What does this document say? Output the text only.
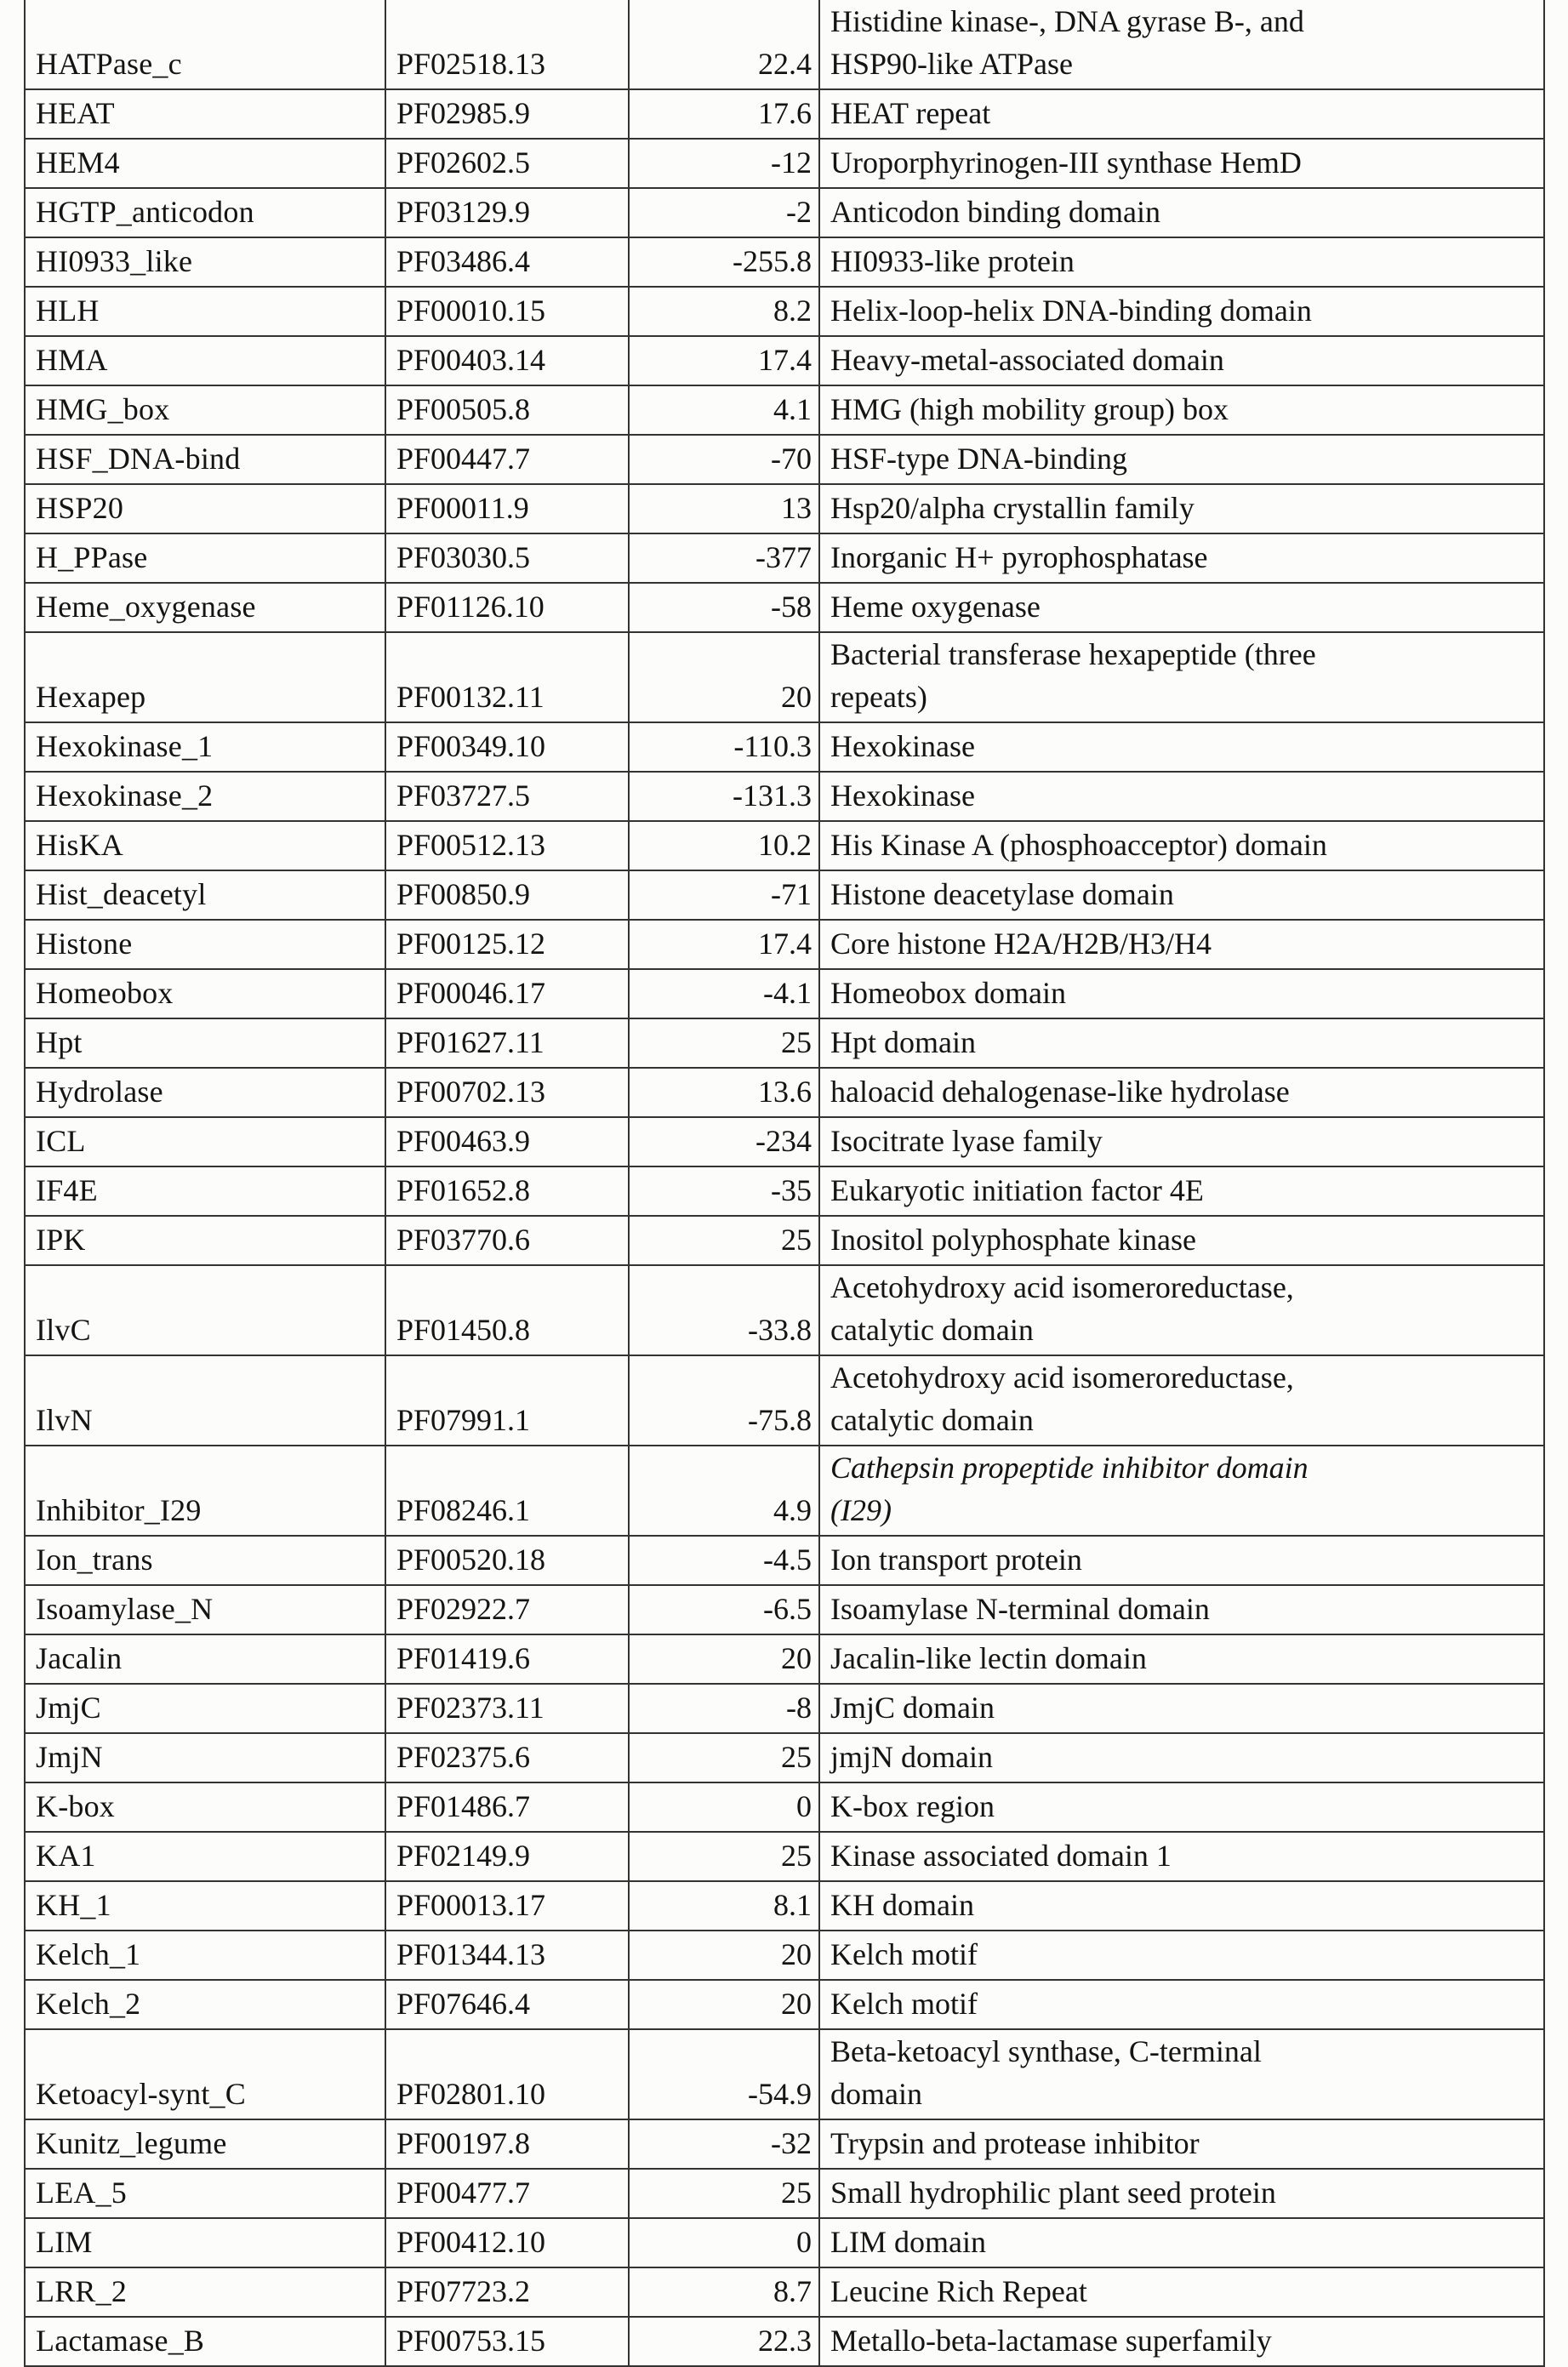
HATPase_c	PF02518.13	22.4	Histidine kinase-, DNA gyrase B-, and
HSP90-like ATPase
HEAT	PF02985.9	17.6	HEAT repeat
HEM4	PF02602.5	-12	Uroporphyrinogen-III synthase HemD
HGTP_anticodon	PF03129.9	-2	Anticodon binding domain
HI0933_like	PF03486.4	-255.8	HI0933-like protein
HLH	PF00010.15	8.2	Helix-loop-helix DNA-binding domain
HMA	PF00403.14	17.4	Heavy-metal-associated domain
HMG_box	PF00505.8	4.1	HMG (high mobility group) box
HSF_DNA-bind	PF00447.7	-70	HSF-type DNA-binding
HSP20	PF00011.9	13	Hsp20/alpha crystallin family
H_PPase	PF03030.5	-377	Inorganic H+ pyrophosphatase
Heme_oxygenase	PF01126.10	-58	Heme oxygenase
Hexapep	PF00132.11	20	Bacterial transferase hexapeptide (three
repeats)
Hexokinase_1	PF00349.10	-110.3	Hexokinase
Hexokinase_2	PF03727.5	-131.3	Hexokinase
HisKA	PF00512.13	10.2	His Kinase A (phosphoacceptor) domain
Hist_deacetyl	PF00850.9	-71	Histone deacetylase domain
Histone	PF00125.12	17.4	Core histone H2A/H2B/H3/H4
Homeobox	PF00046.17	-4.1	Homeobox domain
Hpt	PF01627.11	25	Hpt domain
Hydrolase	PF00702.13	13.6	haloacid dehalogenase-like hydrolase
ICL	PF00463.9	-234	Isocitrate lyase family
IF4E	PF01652.8	-35	Eukaryotic initiation factor 4E
IPK	PF03770.6	25	Inositol polyphosphate kinase
IlvC	PF01450.8	-33.8	Acetohydroxy acid isomeroreductase,
catalytic domain
IlvN	PF07991.1	-75.8	Acetohydroxy acid isomeroreductase,
catalytic domain
Inhibitor_I29	PF08246.1	4.9	Cathepsin propeptide inhibitor domain
(I29)
Ion_trans	PF00520.18	-4.5	Ion transport protein
Isoamylase_N	PF02922.7	-6.5	Isoamylase N-terminal domain
Jacalin	PF01419.6	20	Jacalin-like lectin domain
JmjC	PF02373.11	-8	JmjC domain
JmjN	PF02375.6	25	jmjN domain
K-box	PF01486.7	0	K-box region
KA1	PF02149.9	25	Kinase associated domain 1
KH_1	PF00013.17	8.1	KH domain
Kelch_1	PF01344.13	20	Kelch motif
Kelch_2	PF07646.4	20	Kelch motif
Ketoacyl-synt_C	PF02801.10	-54.9	Beta-ketoacyl synthase, C-terminal
domain
Kunitz_legume	PF00197.8	-32	Trypsin and protease inhibitor
LEA_5	PF00477.7	25	Small hydrophilic plant seed protein
LIM	PF00412.10	0	LIM domain
LRR_2	PF07723.2	8.7	Leucine Rich Repeat
Lactamase_B	PF00753.15	22.3	Metallo-beta-lactamase superfamily
